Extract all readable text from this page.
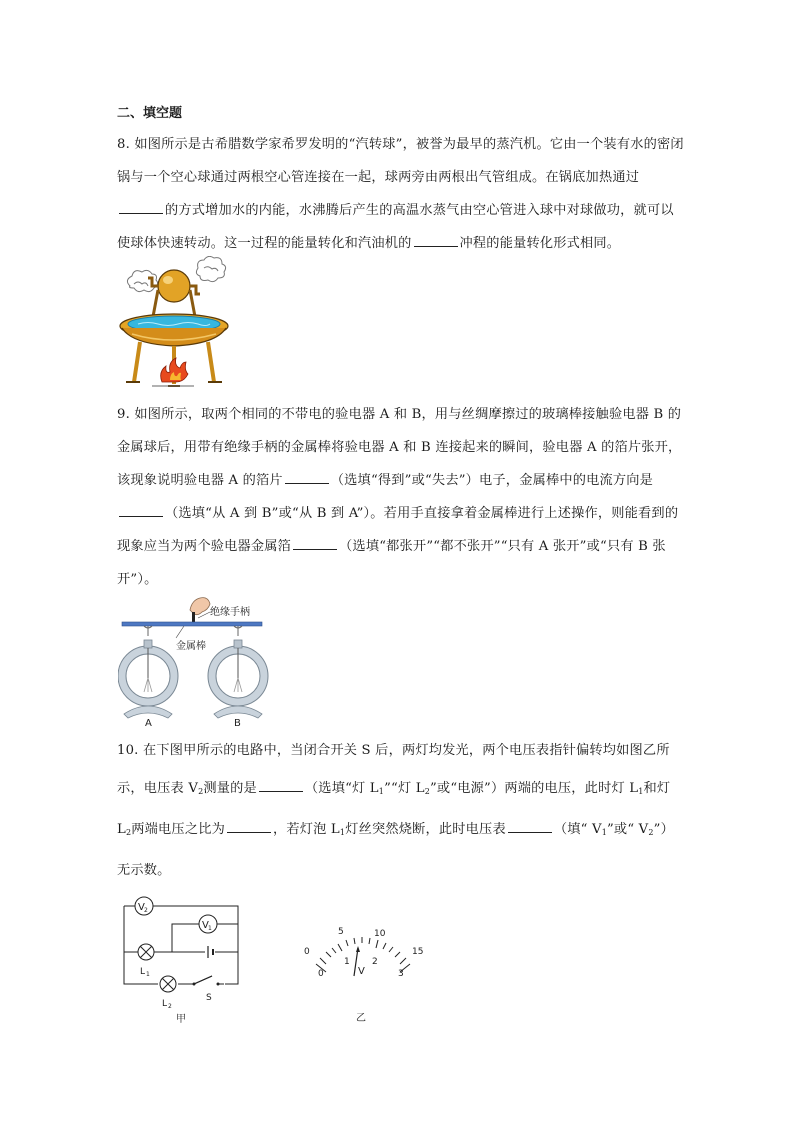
二、填空题

8. 如图所示是古希腊数学家希罗发明的“汽转球”，被誉为最早的蒸汽机。它由一个装有水的密闭锅与一个空心球通过两根空心管连接在一起，球两旁由两根出气管组成。在锅底加热通过的方式增加水的内能，水沸腾后产生的高温水蒸气由空心管进入球中对球做功，就可以使球体快速转动。这一过程的能量转化和汽油机的	冲程的能量转化形式相同。

9. 如图所示，取两个相同的不带电的验电器 A 和 B，用与丝绸摩擦过的玻璃棒接触验电器 B 的金属球后，用带有绝缘手柄的金属棒将验电器 A 和 B 连接起来的瞬间，验电器 A 的箔片张开，该现象说明验电器 A 的箔片	（选填“得到”或“失去”）电子，金属棒中的电流方向是（选填“从 A 到 B”或“从 B 到 A”）。若用手直接拿着金属棒进行上述操作，则能看到的现象应当为两个验电器金属箔	（选填“都张开”“都不张开”“只有 A 张开”或“只有 B 张开”）。

绝缘手柄
金属棒
A	B

10. 在下图甲所示的电路中，当闭合开关 S 后，两灯均发光，两个电压表指针偏转均如图乙所示，电压表 $V_2$测量的是	（选填“灯 $L_1”“$灯 $L_2$”或“电源”）两端的电压，此时灯 $L_1$和灯 $L_2$两端电压之比为	，若灯泡 $L_1$灯丝突然烧断，此时电压表	（填“ $V_1$”或“ $V_2$”）无示数。

V 2
V 1
L 1
L 2
S
甲
0
5	10
15
0
1 2
3
V
乙
